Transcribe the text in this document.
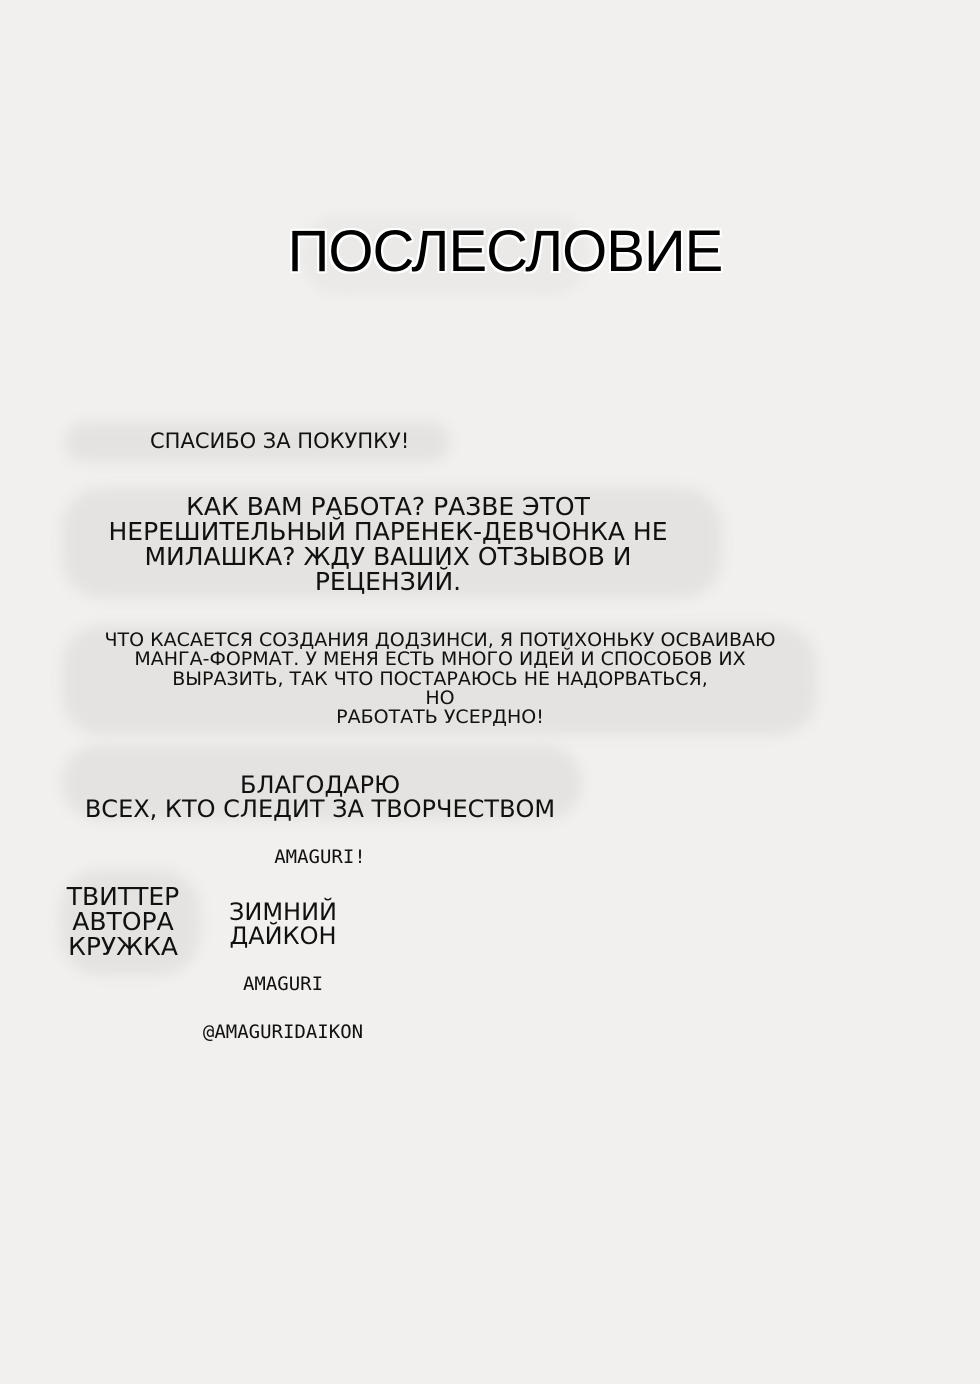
ПОСЛЕСЛОВИЕ
СПАСИБО ЗА ПОКУПКУ!
КАК ВАМ РАБОТА? РАЗВЕ ЭТОТ
НЕРЕШИТЕЛЬНЫЙ ПАРЕНЕК-ДЕВЧОНКА НЕ
МИЛАШКА? ЖДУ ВАШИХ ОТЗЫВОВ И
РЕЦЕНЗИЙ.
ЧТО КАСАЕТСЯ СОЗДАНИЯ ДОДЗИНСИ, Я ПОТИХОНЬКУ ОСВАИВАЮ
МАНГА-ФОРМАТ. У МЕНЯ ЕСТЬ МНОГО ИДЕЙ И СПОСОБОВ ИХ
ВЫРАЗИТЬ, ТАК ЧТО ПОСТАРАЮСЬ НЕ НАДОРВАТЬСЯ,
НО
РАБОТАТЬ УСЕРДНО!

БЛАГОДАРЮ
ВСЕХ, КТО СЛЕДИТ ЗА ТВОРЧЕСТВОМ

AMAGURI!

ТВИТТЕР
АВТОРА
КРУЖКА

ЗИМНИЙ
ДАЙКОН

AMAGURI

@AMAGURIDAIKON
